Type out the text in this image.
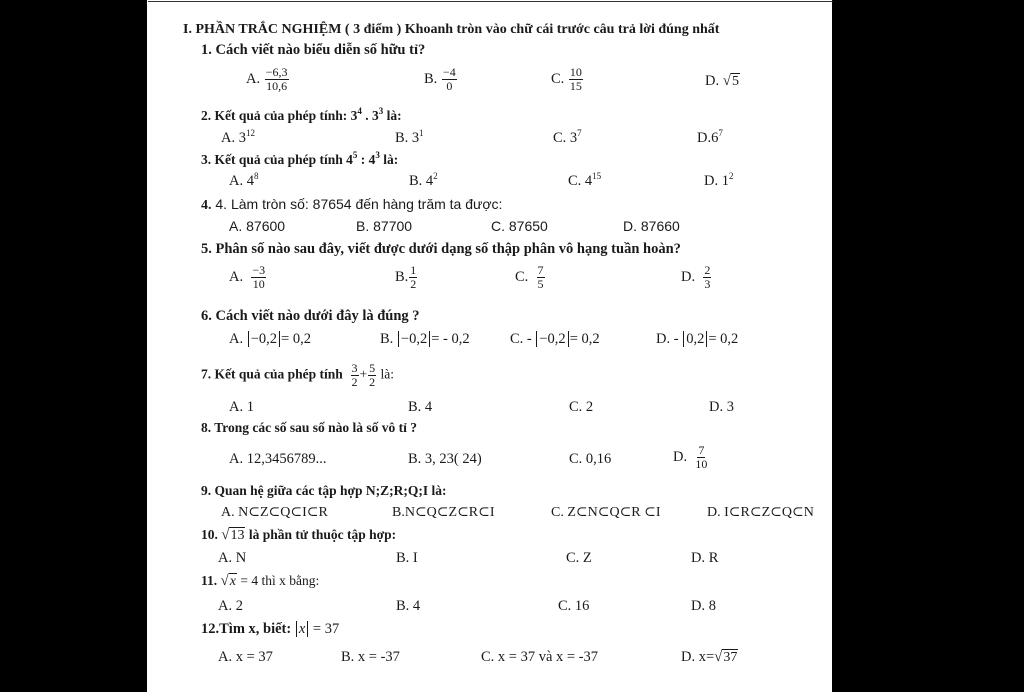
I. PHẦN TRẮC NGHIỆM ( 3 điểm ) Khoanh tròn vào chữ cái trước câu trả lời đúng nhất
1. Cách viết nào biểu diễn số hữu tỉ?
A. $\frac{-6,3}{10,6}$	B. $\frac{-4}{0}$	C. $\frac{10}{15}$	D. √ 5
2. Kết quả của phép tính: $3^4$ . $3^3$ là:
A. $3^{12}$	B. $3^1$	C. $3^7$	$D.6^7$
3. Kết quả của phép tính $4^5$ : $4^3$ là:
A. $4^8$	B. $4^2$	C. $4^{15}$	D. $1^2$
4. 4. Làm tròn số: 87654 đến hàng trăm ta được:
A. 87600	B. 87700	C. 87650	D. 87660
5. Phân số nào sau đây, viết được dưới dạng số thập phân vô hạng tuần hoàn?
A. $\frac{-3}{10}$	B. $\frac{1}{2}$	C. $\frac{7}{5}$	D. $\frac{2}{3}$
6. Cách viết nào dưới đây là đúng ?
A. −0,2 = 0,2	B. −0,2 = - 0,2	C. - −0,2 = 0,2	D. - 0,2 = 0,2
7. Kết quả của phép tính $\frac{3}{2} + \frac{5}{2}$ là:
A. 1	B. 4	C. 2	D. 3
8. Trong các số sau số nào là số vô tỉ ?
A. 12,3456789...	B. 3, 23( 24)	C. 0,16	D. $\frac{7}{10}$
9. Quan hệ giữa các tập hợp N;Z;R;Q;I là:
A. N⊂Z⊂Q⊂I⊂R	B.N⊂Q⊂Z⊂R⊂I	C. Z⊂N⊂Q⊂R ⊂I	D. I⊂R⊂Z⊂Q⊂N
10. √ 13 là phần tử thuộc tập hợp:
A. N	B. I	C. Z	D. R
11. √ x = 4 thì x bằng:
A. 2	B. 4	C. 16	D. 8
12.Tìm x, biết: x = 37
A. x = 37	B. x = -37	C. x = 37 và x = -37	D. x= √ 37
